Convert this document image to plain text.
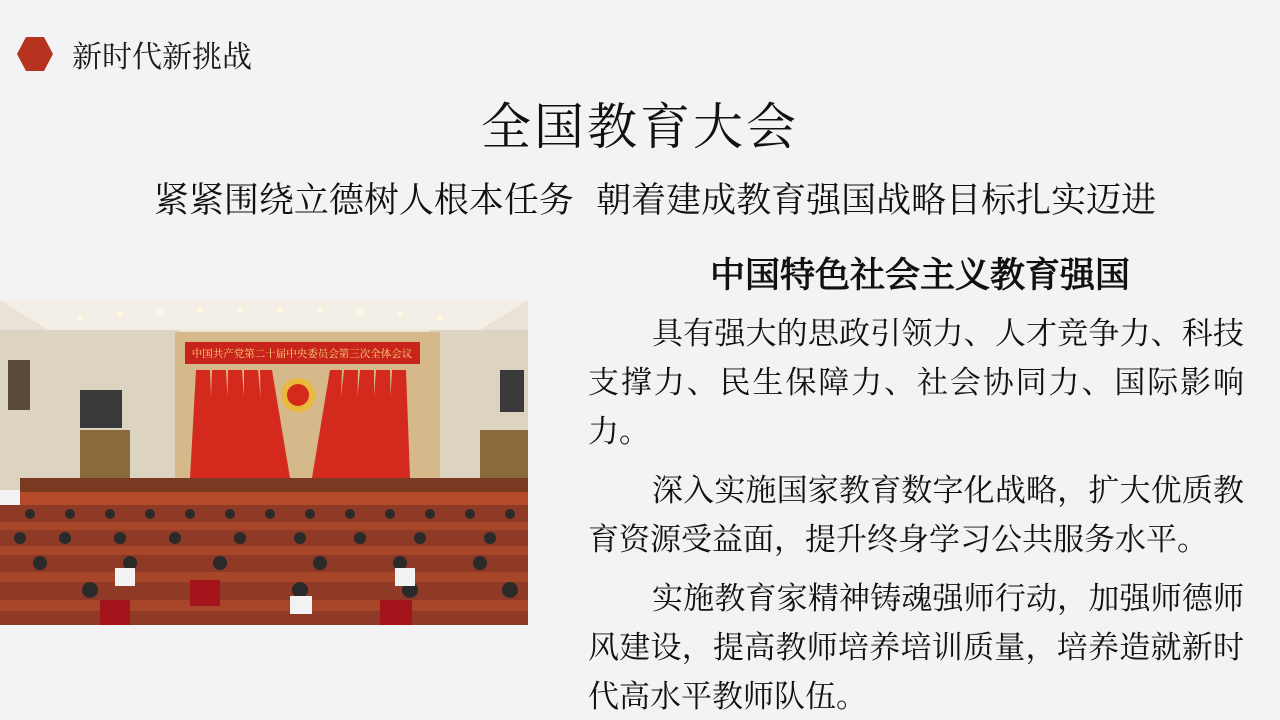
新时代新挑战
全国教育大会
紧紧围绕立德树人根本任务  朝着建成教育强国战略目标扎实迈进
中国共产党第二十届中央委员会第三次全体会议
中国特色社会主义教育强国

具有强大的思政引领力、人才竞争力、科技支撑力、民生保障力、社会协同力、国际影响力。

深入实施国家教育数字化战略，扩大优质教育资源受益面，提升终身学习公共服务水平。

实施教育家精神铸魂强师行动，加强师德师风建设，提高教师培养培训质量，培养造就新时代高水平教师队伍。
